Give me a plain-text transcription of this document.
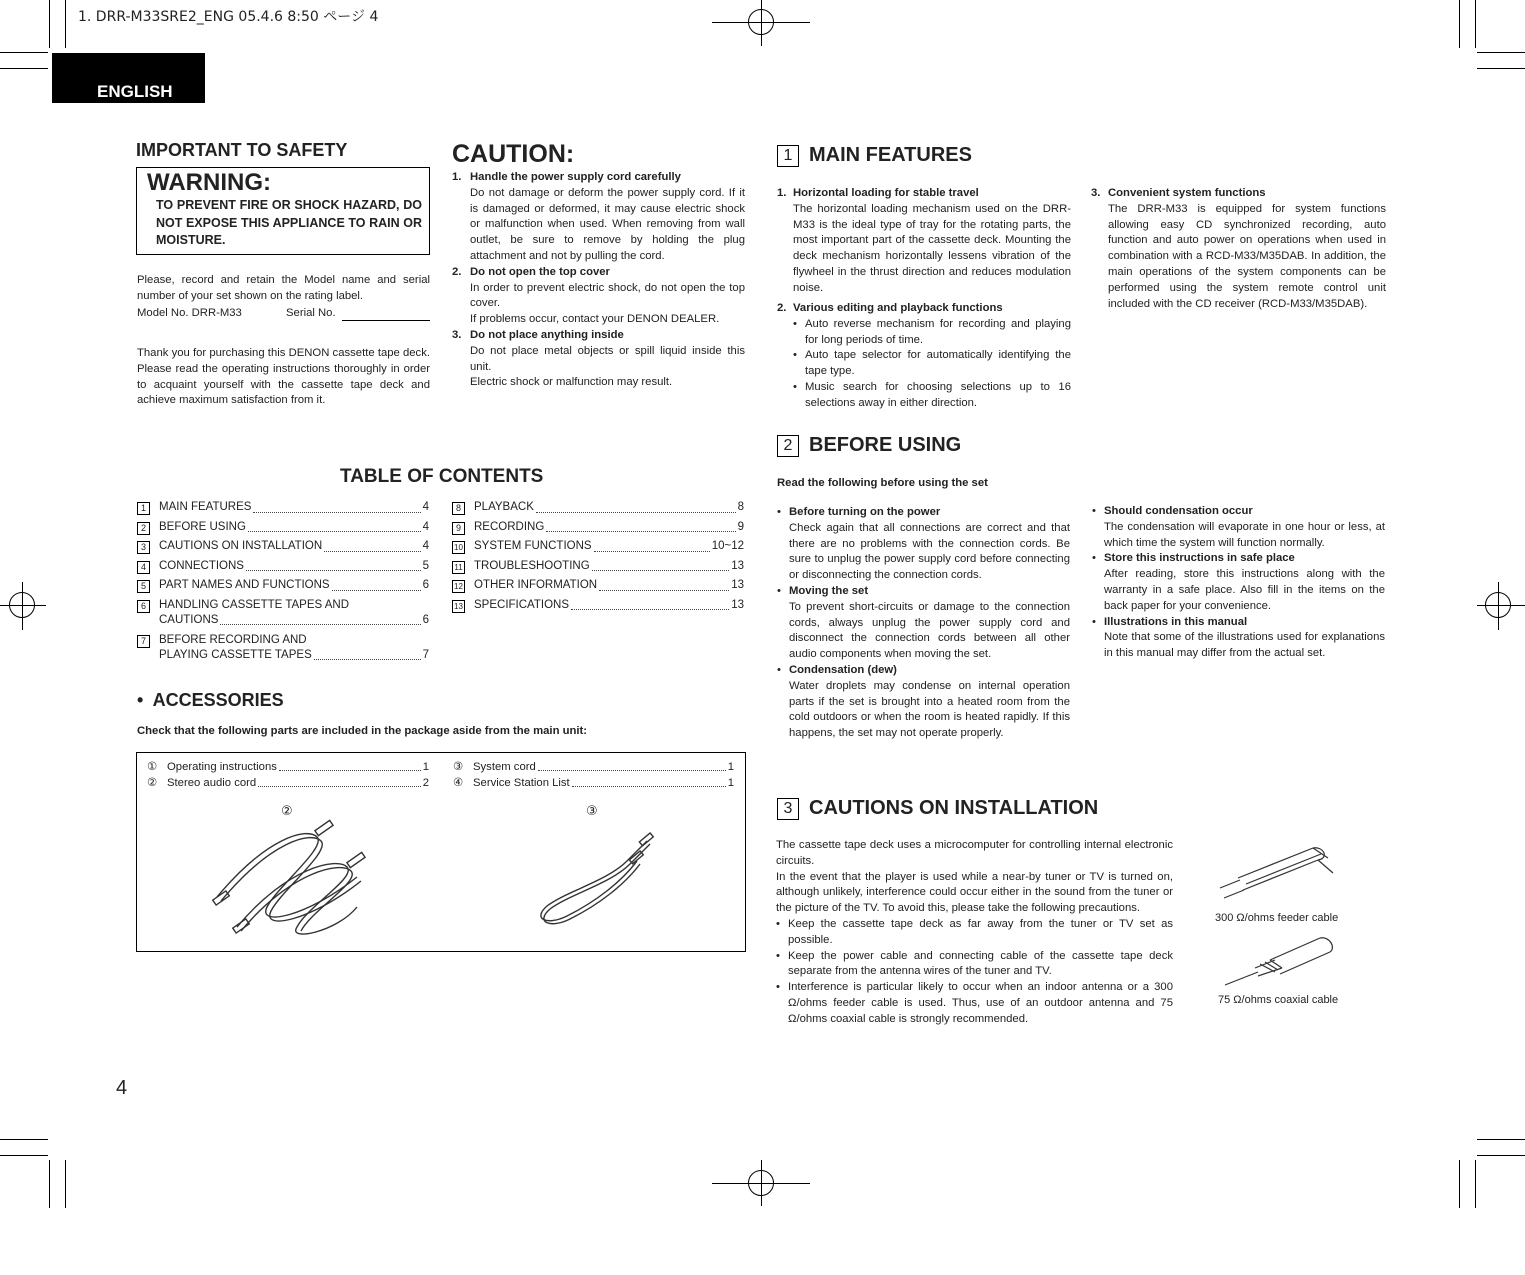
1. DRR-M33SRE2_ENG 05.4.6 8:50 ページ 4
ENGLISH
IMPORTANT TO SAFETY
WARNING:
TO PREVENT FIRE OR SHOCK HAZARD, DO NOT EXPOSE THIS APPLIANCE TO RAIN OR MOISTURE.
Please, record and retain the Model name and serial number of your set shown on the rating label.
Model No. DRR-M33	Serial No.
Thank you for purchasing this DENON cassette tape deck. Please read the operating instructions thoroughly in order to acquaint yourself with the cassette tape deck and achieve maximum satisfaction from it.
CAUTION:
1. Handle the power supply cord carefully
Do not damage or deform the power supply cord. If it is damaged or deformed, it may cause electric shock or malfunction when used. When removing from wall outlet, be sure to remove by holding the plug attachment and not by pulling the cord.
2. Do not open the top cover
In order to prevent electric shock, do not open the top cover.
If problems occur, contact your DENON DEALER.
3. Do not place anything inside
Do not place metal objects or spill liquid inside this unit.
Electric shock or malfunction may result.
TABLE OF CONTENTS
1	MAIN FEATURES	4
2	BEFORE USING	4
3	CAUTIONS ON INSTALLATION	4
4	CONNECTIONS	5
5	PART NAMES AND FUNCTIONS	6
6	HANDLING CASSETTE TAPES AND
CAUTIONS	6
7	BEFORE RECORDING AND
PLAYING CASSETTE TAPES	7
8	PLAYBACK	8
9	RECORDING	9
10 SYSTEM FUNCTIONS	10~12
11 TROUBLESHOOTING	13
12 OTHER INFORMATION	13
13 SPECIFICATIONS	13
• ACCESSORIES
Check that the following parts are included in the package aside from the main unit:
① Operating instructions	1
② Stereo audio cord	2
③ System cord	1
④ Service Station List	1
②	③
1 MAIN FEATURES
1. Horizontal loading for stable travel
The horizontal loading mechanism used on the DRR-M33 is the ideal type of tray for the rotating parts, the most important part of the cassette deck. Mounting the deck mechanism horizontally lessens vibration of the flywheel in the thrust direction and reduces modulation noise.
2. Various editing and playback functions
• Auto reverse mechanism for recording and playing for long periods of time.
• Auto tape selector for automatically identifying the tape type.
• Music search for choosing selections up to 16 selections away in either direction.
3. Convenient system functions
The DRR-M33 is equipped for system functions allowing easy CD synchronized recording, auto function and auto power on operations when used in combination with a RCD-M33/M35DAB. In addition, the main operations of the system components can be performed using the system remote control unit included with the CD receiver (RCD-M33/M35DAB).
2 BEFORE USING
Read the following before using the set
• Before turning on the power
Check again that all connections are correct and that there are no problems with the connection cords. Be sure to unplug the power supply cord before connecting or disconnecting the connection cords.
• Moving the set
To prevent short-circuits or damage to the connection cords, always unplug the power supply cord and disconnect the connection cords between all other audio components when moving the set.
• Condensation (dew)
Water droplets may condense on internal operation parts if the set is brought into a heated room from the cold outdoors or when the room is heated rapidly. If this happens, the set may not operate properly.
• Should condensation occur
The condensation will evaporate in one hour or less, at which time the system will function normally.
• Store this instructions in safe place
After reading, store this instructions along with the warranty in a safe place. Also fill in the items on the back paper for your convenience.
• Illustrations in this manual
Note that some of the illustrations used for explanations in this manual may differ from the actual set.
3 CAUTIONS ON INSTALLATION
The cassette tape deck uses a microcomputer for controlling internal electronic circuits.
In the event that the player is used while a near-by tuner or TV is turned on, although unlikely, interference could occur either in the sound from the tuner or the picture of the TV. To avoid this, please take the following precautions.
• Keep the cassette tape deck as far away from the tuner or TV set as possible.
• Keep the power cable and connecting cable of the cassette tape deck separate from the antenna wires of the tuner and TV.
• Interference is particular likely to occur when an indoor antenna or a 300 Ω/ohms feeder cable is used. Thus, use of an outdoor antenna and 75 Ω/ohms coaxial cable is strongly recommended.
300 Ω/ohms feeder cable
75 Ω/ohms coaxial cable
4
